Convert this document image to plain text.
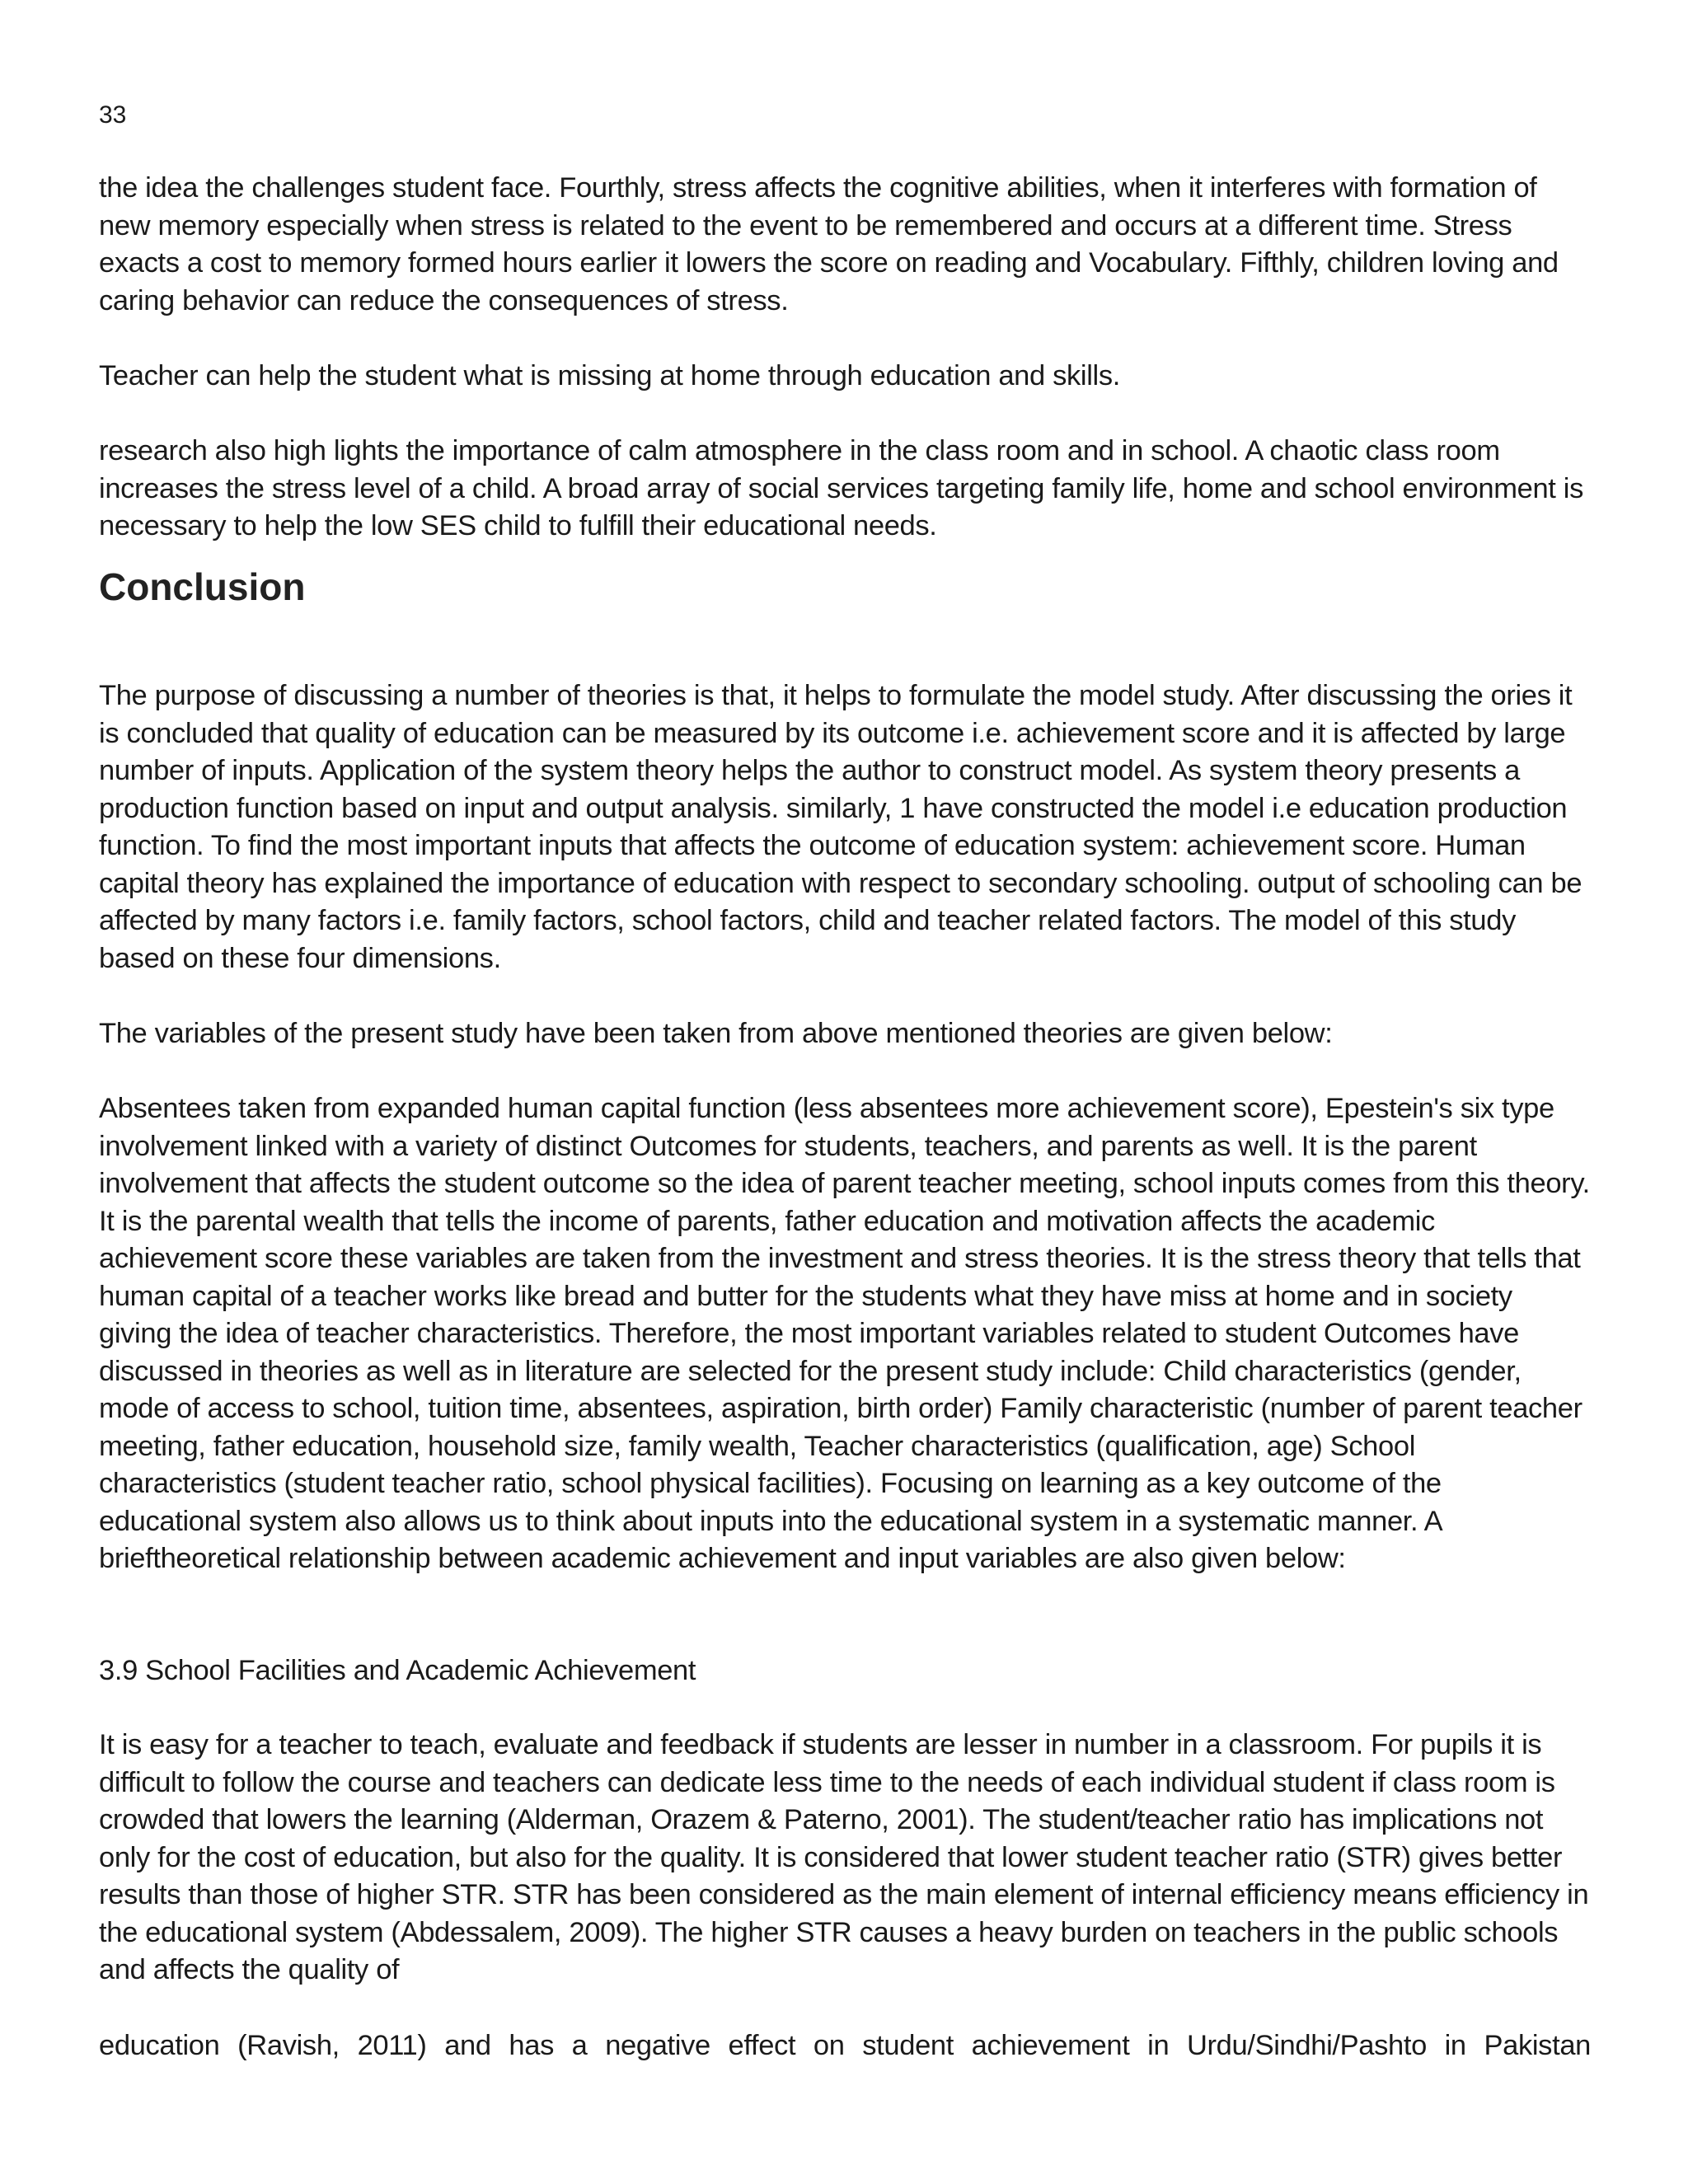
33

the idea the challenges student face. Fourthly, stress affects the cognitive abilities, when it interferes with formation of new memory especially when stress is related to the event to be remembered and occurs at a different time. Stress exacts a cost to memory formed hours earlier it lowers the score on reading and Vocabulary. Fifthly, children loving and caring behavior can reduce the consequences of stress.

Teacher can help the student what is missing at home through education and skills.

research also high lights the importance of calm atmosphere in the class room and in school. A chaotic class room increases the stress level of a child. A broad array of social services targeting family life, home and school environment is necessary to help the low SES child to fulfill their educational needs.

Conclusion

The purpose of discussing a number of theories is that, it helps to formulate the model study. After discussing the ories it is concluded that quality of education can be measured by its outcome i.e. achievement score and it is affected by large number of inputs. Application of the system theory helps the author to construct model. As system theory presents a production function based on input and output analysis. similarly, 1 have constructed the model i.e education production function. To find the most important inputs that affects the outcome of education system: achievement score. Human capital theory has explained the importance of education with respect to secondary schooling. output of schooling can be affected by many factors i.e. family factors, school factors, child and teacher related factors. The model of this study based on these four dimensions.

The variables of the present study have been taken from above mentioned theories are given below:

Absentees taken from expanded human capital function (less absentees more achievement score), Epestein's six type involvement linked with a variety of distinct Outcomes for students, teachers, and parents as well. It is the parent involvement that affects the student outcome so the idea of parent teacher meeting, school inputs comes from this theory. It is the parental wealth that tells the income of parents, father education and motivation affects the academic achievement score these variables are taken from the investment and stress theories. It is the stress theory that tells that human capital of a teacher works like bread and butter for the students what they have miss at home and in society giving the idea of teacher characteristics. Therefore, the most important variables related to student Outcomes have discussed in theories as well as in literature are selected for the present study include: Child characteristics (gender, mode of access to school, tuition time, absentees, aspiration, birth order) Family characteristic (number of parent teacher meeting, father education, household size, family wealth, Teacher characteristics (qualification, age) School characteristics (student teacher ratio, school physical facilities). Focusing on learning as a key outcome of the educational system also allows us to think about inputs into the educational system in a systematic manner. A brieftheoretical relationship between academic achievement and input variables are also given below:

3.9 School Facilities and Academic Achievement

It is easy for a teacher to teach, evaluate and feedback if students are lesser in number in a classroom. For pupils it is difficult to follow the course and teachers can dedicate less time to the needs of each individual student if class room is crowded that lowers the learning (Alderman, Orazem & Paterno, 2001). The student/teacher ratio has implications not only for the cost of education, but also for the quality. It is considered that lower student teacher ratio (STR) gives better results than those of higher STR. STR has been considered as the main element of internal efficiency means efficiency in the educational system (Abdessalem, 2009). The higher STR causes a heavy burden on teachers in the public schools and affects the quality of

education (Ravish, 2011) and has a negative effect on student achievement in Urdu/Sindhi/Pashto in Pakistan
